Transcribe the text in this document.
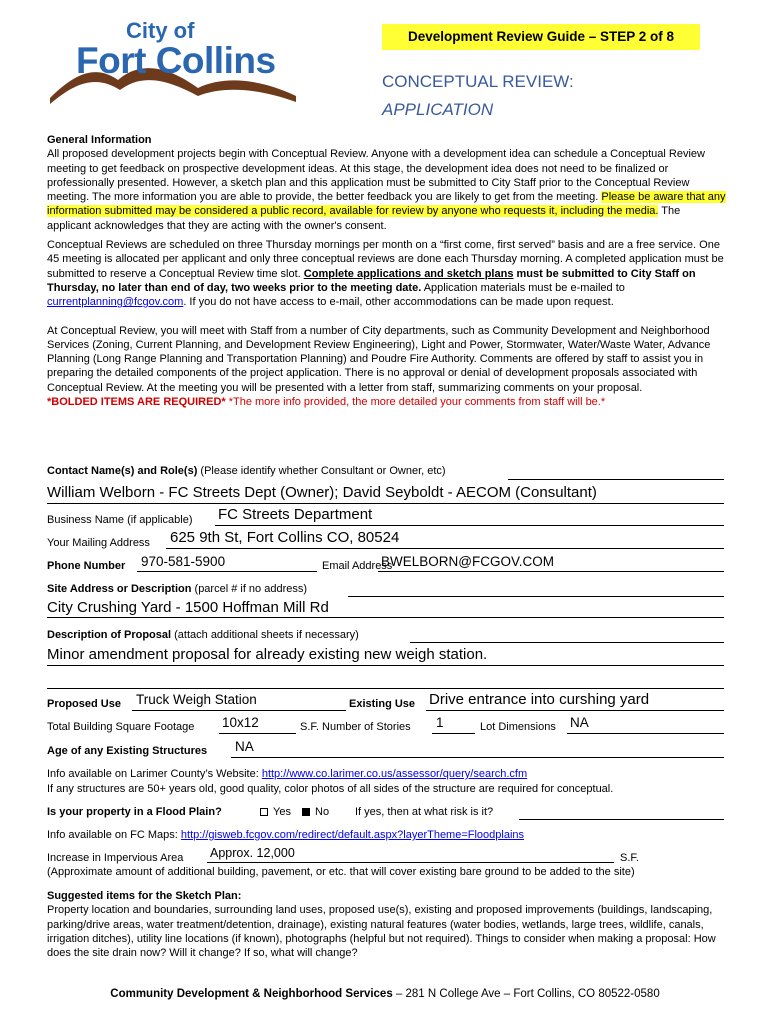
City of
Fort Collins
Development Review Guide – STEP 2 of 8
CONCEPTUAL REVIEW:
APPLICATION
General Information
All proposed development projects begin with Conceptual Review. Anyone with a development idea can schedule a Conceptual Review meeting to get feedback on prospective development ideas. At this stage, the development idea does not need to be finalized or professionally presented. However, a sketch plan and this application must be submitted to City Staff prior to the Conceptual Review meeting. The more information you are able to provide, the better feedback you are likely to get from the meeting. Please be aware that any information submitted may be considered a public record, available for review by anyone who requests it, including the media. The applicant acknowledges that they are acting with the owner's consent.
Conceptual Reviews are scheduled on three Thursday mornings per month on a “first come, first served” basis and are a free service. One 45 meeting is allocated per applicant and only three conceptual reviews are done each Thursday morning. A completed application must be submitted to reserve a Conceptual Review time slot. Complete applications and sketch plans must be submitted to City Staff on Thursday, no later than end of day, two weeks prior to the meeting date. Application materials must be e-mailed to currentplanning@fcgov.com. If you do not have access to e-mail, other accommodations can be made upon request.
At Conceptual Review, you will meet with Staff from a number of City departments, such as Community Development and Neighborhood Services (Zoning, Current Planning, and Development Review Engineering), Light and Power, Stormwater, Water/Waste Water, Advance Planning (Long Range Planning and Transportation Planning) and Poudre Fire Authority. Comments are offered by staff to assist you in preparing the detailed components of the project application. There is no approval or denial of development proposals associated with Conceptual Review. At the meeting you will be presented with a letter from staff, summarizing comments on your proposal.
*BOLDED ITEMS ARE REQUIRED* *The more info provided, the more detailed your comments from staff will be.*
Contact Name(s) and Role(s) (Please identify whether Consultant or Owner, etc)
William Welborn - FC Streets Dept (Owner); David Seyboldt - AECOM (Consultant)
Business Name (if applicable) FC Streets Department
Your Mailing Address 625 9th St, Fort Collins CO, 80524
Phone Number 970-581-5900	Email Address
BWELBORN@FCGOV.COM
Site Address or Description (parcel # if no address)
City Crushing Yard - 1500 Hoffman Mill Rd
Description of Proposal (attach additional sheets if necessary)
Minor amendment proposal for already existing new weigh station.
Proposed Use Truck Weigh Station	Existing Use Drive entrance into curshing yard
Total Building Square Footage 10x12	S.F. Number of Stories 1	Lot Dimensions NA
Age of any Existing Structures NA
Info available on Larimer County’s Website: http://www.co.larimer.co.us/assessor/query/search.cfm
If any structures are 50+ years old, good quality, color photos of all sides of the structure are required for conceptual.
Is your property in a Flood Plain?	Yes	No If yes, then at what risk is it?
Info available on FC Maps: http://gisweb.fcgov.com/redirect/default.aspx?layerTheme=Floodplains
Increase in Impervious Area Approx. 12,000	S.F.
(Approximate amount of additional building, pavement, or etc. that will cover existing bare ground to be added to the site)
Suggested items for the Sketch Plan:
Property location and boundaries, surrounding land uses, proposed use(s), existing and proposed improvements (buildings, landscaping, parking/drive areas, water treatment/detention, drainage), existing natural features (water bodies, wetlands, large trees, wildlife, canals, irrigation ditches), utility line locations (if known), photographs (helpful but not required). Things to consider when making a proposal: How does the site drain now? Will it change? If so, what will change?
Community Development & Neighborhood Services – 281 N College Ave – Fort Collins, CO 80522-0580
